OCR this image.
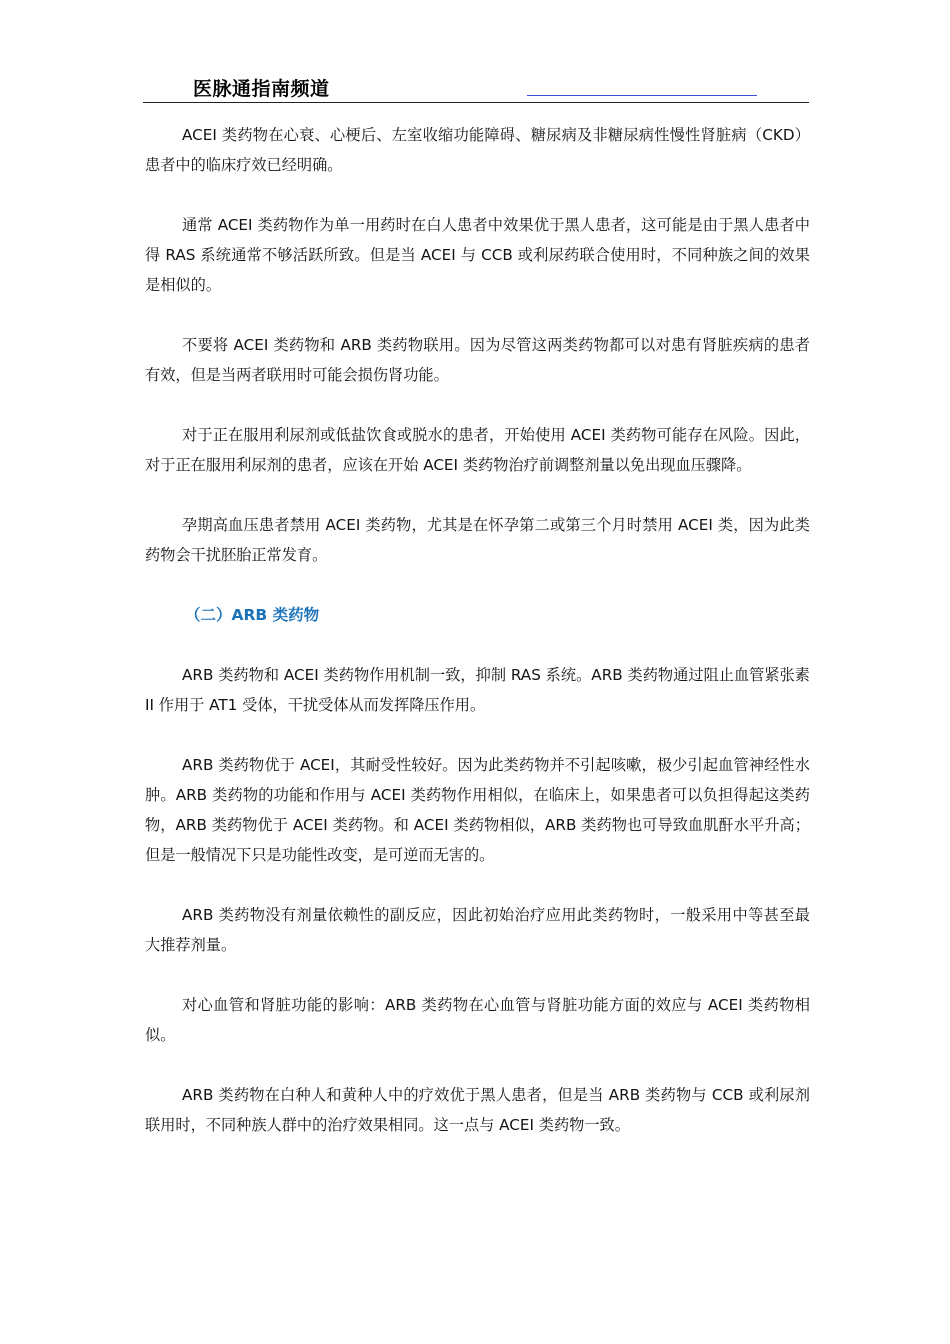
医脉通指南频道

ACEI 类药物在心衰、心梗后、左室收缩功能障碍、糖尿病及非糖尿病性慢性肾脏病（CKD）患者中的临床疗效已经明确。

通常 ACEI 类药物作为单一用药时在白人患者中效果优于黑人患者，这可能是由于黑人患者中得 RAS 系统通常不够活跃所致。但是当 ACEI 与 CCB 或利尿药联合使用时，不同种族之间的效果是相似的。

不要将 ACEI 类药物和 ARB 类药物联用。因为尽管这两类药物都可以对患有肾脏疾病的患者有效，但是当两者联用时可能会损伤肾功能。

对于正在服用利尿剂或低盐饮食或脱水的患者，开始使用 ACEI 类药物可能存在风险。因此，对于正在服用利尿剂的患者，应该在开始 ACEI 类药物治疗前调整剂量以免出现血压骤降。

孕期高血压患者禁用 ACEI 类药物，尤其是在怀孕第二或第三个月时禁用 ACEI 类，因为此类药物会干扰胚胎正常发育。

（二）ARB 类药物

ARB 类药物和 ACEI 类药物作用机制一致，抑制 RAS 系统。ARB 类药物通过阻止血管紧张素 II 作用于 AT1 受体，干扰受体从而发挥降压作用。

ARB 类药物优于 ACEI，其耐受性较好。因为此类药物并不引起咳嗽，极少引起血管神经性水肿。ARB 类药物的功能和作用与 ACEI 类药物作用相似，在临床上，如果患者可以负担得起这类药物，ARB 类药物优于 ACEI 类药物。和 ACEI 类药物相似，ARB 类药物也可导致血肌酐水平升高；但是一般情况下只是功能性改变，是可逆而无害的。

ARB 类药物没有剂量依赖性的副反应，因此初始治疗应用此类药物时，一般采用中等甚至最大推荐剂量。

对心血管和肾脏功能的影响：ARB 类药物在心血管与肾脏功能方面的效应与 ACEI 类药物相似。

ARB 类药物在白种人和黄种人中的疗效优于黑人患者，但是当 ARB 类药物与 CCB 或利尿剂联用时，不同种族人群中的治疗效果相同。这一点与 ACEI 类药物一致。
